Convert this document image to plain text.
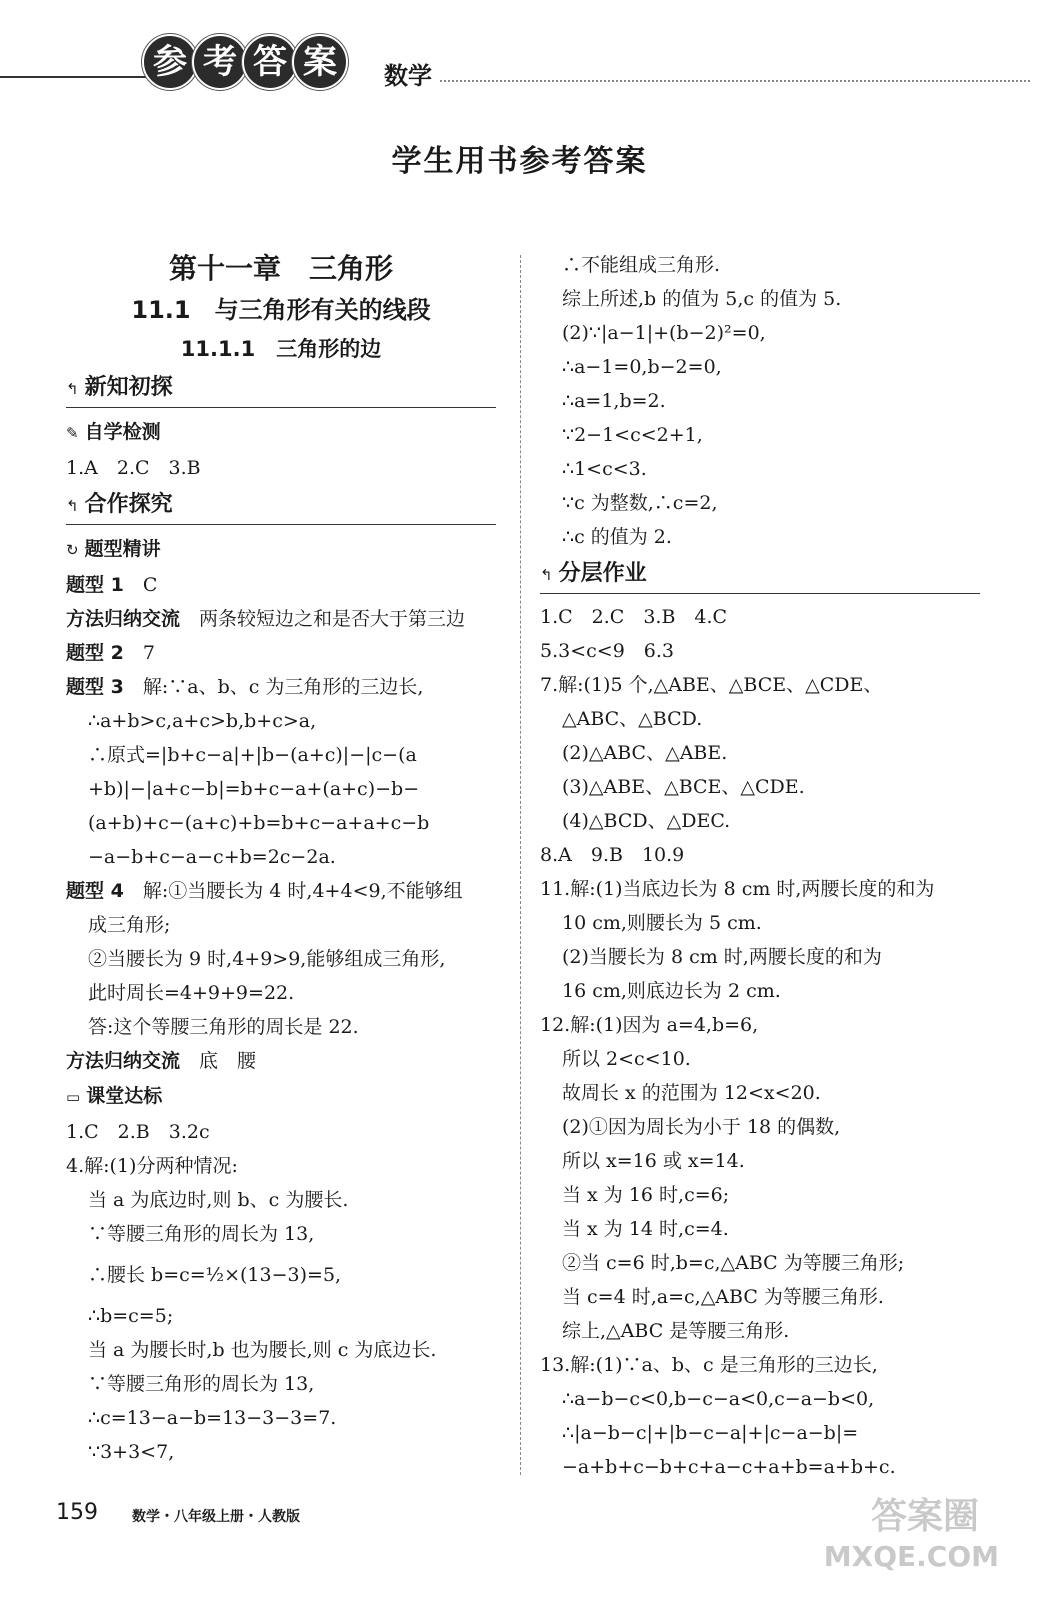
参 考 答 案	数学
学生用书参考答案
第十一章　三角形
11.1　与三角形有关的线段
11.1.1　三角形的边
↰ 新知初探
✎ 自学检测
1.A　2.C　3.B
↰ 合作探究
↻ 题型精讲
题型 1　 C
方法归纳交流　 两条较短边之和是否大于第三边
题型 2　 7
题型 3　 解:∵a、b、c 为三角形的三边长,
∴a+b>c,a+c>b,b+c>a,
∴原式=|b+c−a|+|b−(a+c)|−|c−(a
+b)|−|a+c−b|=b+c−a+(a+c)−b−
(a+b)+c−(a+c)+b=b+c−a+a+c−b
−a−b+c−a−c+b=2c−2a.
题型 4　 解:①当腰长为 4 时,4+4<9,不能够组
成三角形;
②当腰长为 9 时,4+9>9,能够组成三角形,
此时周长=4+9+9=22.
答:这个等腰三角形的周长是 22.
方法归纳交流　 底　腰
▭ 课堂达标
1.C　2.B　3.2c
4.解:(1)分两种情况:
当 a 为底边时,则 b、c 为腰长.
∵等腰三角形的周长为 13,
∴腰长 b=c=½×(13−3)=5,
∴b=c=5;
当 a 为腰长时,b 也为腰长,则 c 为底边长.
∵等腰三角形的周长为 13,
∴c=13−a−b=13−3−3=7.
∵3+3<7,
∴不能组成三角形.
综上所述,b 的值为 5,c 的值为 5.
(2)∵|a−1|+(b−2)²=0,
∴a−1=0,b−2=0,
∴a=1,b=2.
∵2−1<c<2+1,
∴1<c<3.
∵c 为整数,∴c=2,
∴c 的值为 2.
↰ 分层作业
1.C　2.C　3.B　4.C
5.3<c<9　6.3
7.解:(1)5 个,△ABE、△BCE、△CDE、
△ABC、△BCD.
(2)△ABC、△ABE.
(3)△ABE、△BCE、△CDE.
(4)△BCD、△DEC.
8.A　9.B　10.9
11.解:(1)当底边长为 8 cm 时,两腰长度的和为
10 cm,则腰长为 5 cm.
(2)当腰长为 8 cm 时,两腰长度的和为
16 cm,则底边长为 2 cm.
12.解:(1)因为 a=4,b=6,
所以 2<c<10.
故周长 x 的范围为 12<x<20.
(2)①因为周长为小于 18 的偶数,
所以 x=16 或 x=14.
当 x 为 16 时,c=6;
当 x 为 14 时,c=4.
②当 c=6 时,b=c,△ABC 为等腰三角形;
当 c=4 时,a=c,△ABC 为等腰三角形.
综上,△ABC 是等腰三角形.
13.解:(1)∵a、b、c 是三角形的三边长,
∴a−b−c<0,b−c−a<0,c−a−b<0,
∴|a−b−c|+|b−c−a|+|c−a−b|=
−a+b+c−b+c+a−c+a+b=a+b+c.
159 数学・八年级上册・人教版	答案圈
MXQE.COM
